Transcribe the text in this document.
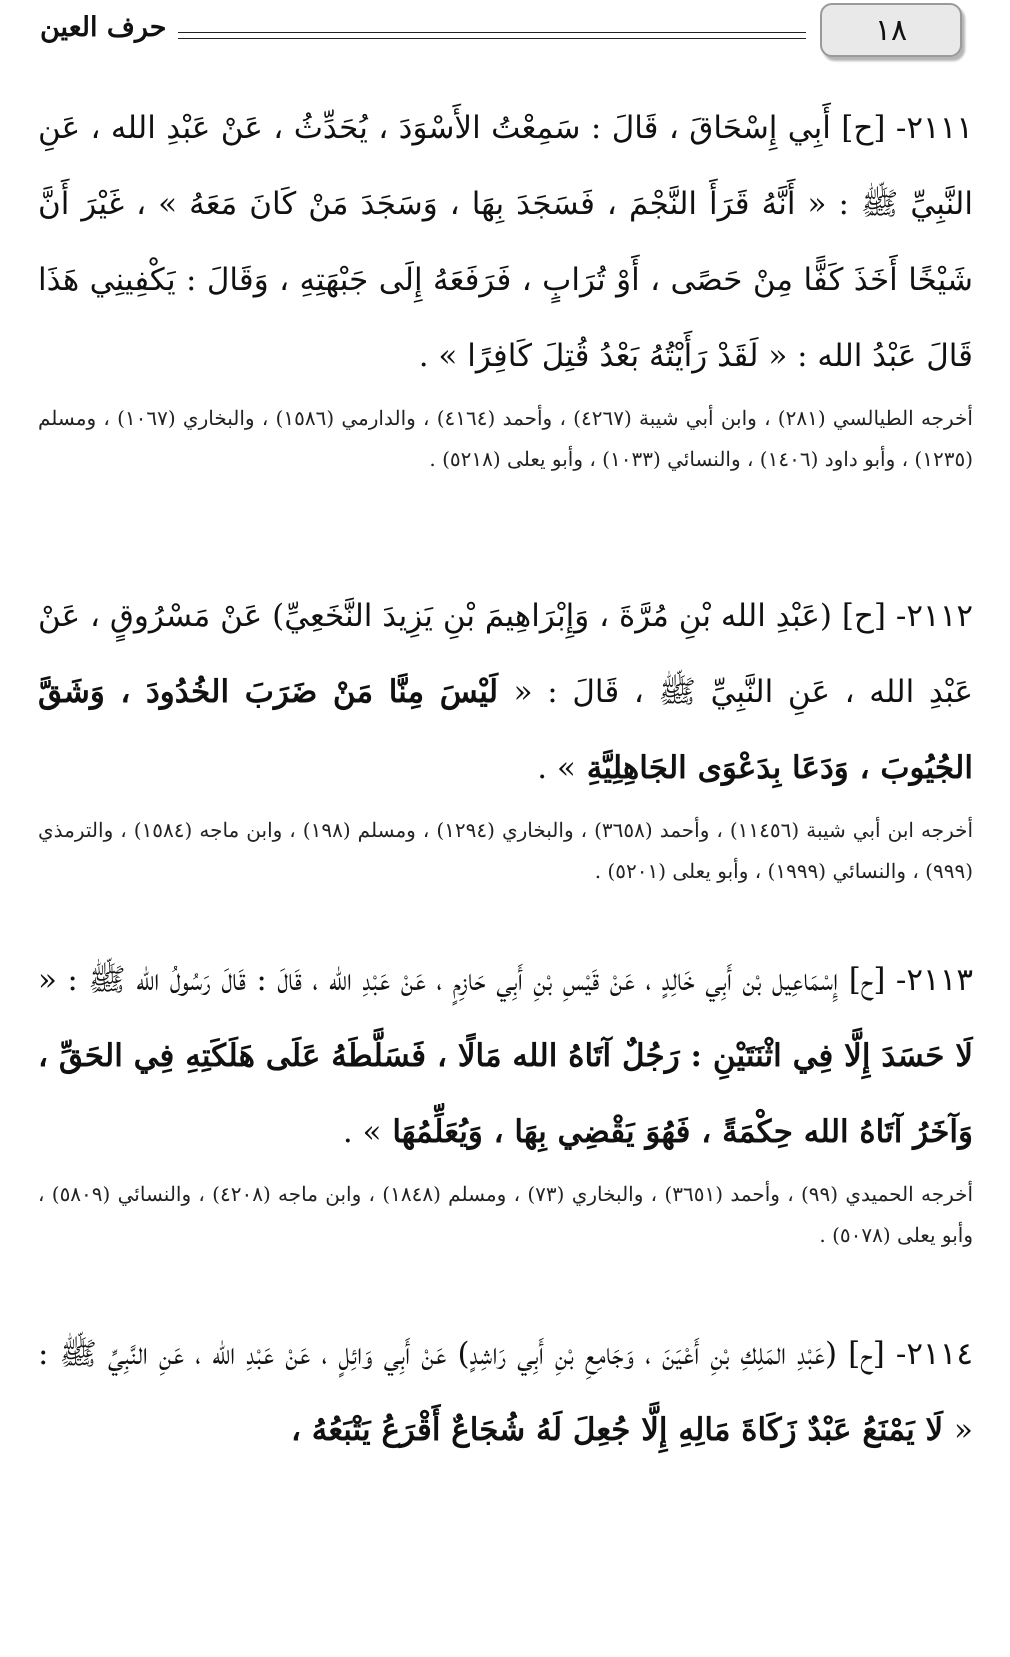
١٨
حرف العين

٢١١١- [ح] أَبِي إِسْحَاقَ ، قَالَ : سَمِعْتُ الأَسْوَدَ ، يُحَدِّثُ ، عَنْ عَبْدِ الله ، عَنِ النَّبِيِّ ﷺ : « أَنَّهُ قَرَأَ النَّجْمَ ، فَسَجَدَ بِهَا ، وَسَجَدَ مَنْ كَانَ مَعَهُ » ، غَيْرَ أَنَّ شَيْخًا أَخَذَ كَفًّا مِنْ حَصًى ، أَوْ تُرَابٍ ، فَرَفَعَهُ إِلَى جَبْهَتِهِ ، وَقَالَ : يَكْفِينِي هَذَا قَالَ عَبْدُ الله : « لَقَدْ رَأَيْتُهُ بَعْدُ قُتِلَ كَافِرًا » .

أخرجه الطيالسي (٢٨١) ، وابن أبي شيبة (٤٢٦٧) ، وأحمد (٤١٦٤) ، والدارمي (١٥٨٦) ، والبخاري (١٠٦٧) ، ومسلم (١٢٣٥) ، وأبو داود (١٤٠٦) ، والنسائي (١٠٣٣) ، وأبو يعلى (٥٢١٨) .

٢١١٢- [ح] (عَبْدِ الله بْنِ مُرَّةَ ، وَإِبْرَاهِيمَ بْنِ يَزِيدَ النَّخَعِيِّ) عَنْ مَسْرُوقٍ ، عَنْ عَبْدِ الله ، عَنِ النَّبِيِّ ﷺ ، قَالَ : « لَيْسَ مِنَّا مَنْ ضَرَبَ الخُدُودَ ، وَشَقَّ الجُيُوبَ ، وَدَعَا بِدَعْوَى الجَاهِلِيَّةِ » .

أخرجه ابن أبي شيبة (١١٤٥٦) ، وأحمد (٣٦٥٨) ، والبخاري (١٢٩٤) ، ومسلم (١٩٨) ، وابن ماجه (١٥٨٤) ، والترمذي (٩٩٩) ، والنسائي (١٩٩٩) ، وأبو يعلى (٥٢٠١) .

٢١١٣- [ح] إِسْمَاعِيل بْن أَبِي خَالِدٍ ، عَنْ قَيْسِ بْنِ أَبِي حَازِمٍ ، عَنْ عَبْدِ الله ، قَالَ : قَالَ رَسُولُ الله ﷺ : « لَا حَسَدَ إِلَّا فِي اثْنَتَيْنِ : رَجُلٌ آتَاهُ الله مَالًا ، فَسَلَّطَهُ عَلَى هَلَكَتِهِ فِي الحَقِّ ، وَآخَرُ آتَاهُ الله حِكْمَةً ، فَهُوَ يَقْضِي بِهَا ، وَيُعَلِّمُهَا » .

أخرجه الحميدي (٩٩) ، وأحمد (٣٦٥١) ، والبخاري (٧٣) ، ومسلم (١٨٤٨) ، وابن ماجه (٤٢٠٨) ، والنسائي (٥٨٠٩) ، وأبو يعلى (٥٠٧٨) .

٢١١٤- [ح] (عَبْدِ المَلِكِ بْنِ أَعْيَنَ ، وَجَامِعِ بْنِ أَبِي رَاشِدٍ) عَنْ أَبِي وَائِلٍ ، عَنْ عَبْدِ الله ، عَنِ النَّبِيِّ ﷺ : « لَا يَمْنَعُ عَبْدٌ زَكَاةَ مَالِهِ إِلَّا جُعِلَ لَهُ شُجَاعٌ أَقْرَعُ يَتْبَعُهُ ،
